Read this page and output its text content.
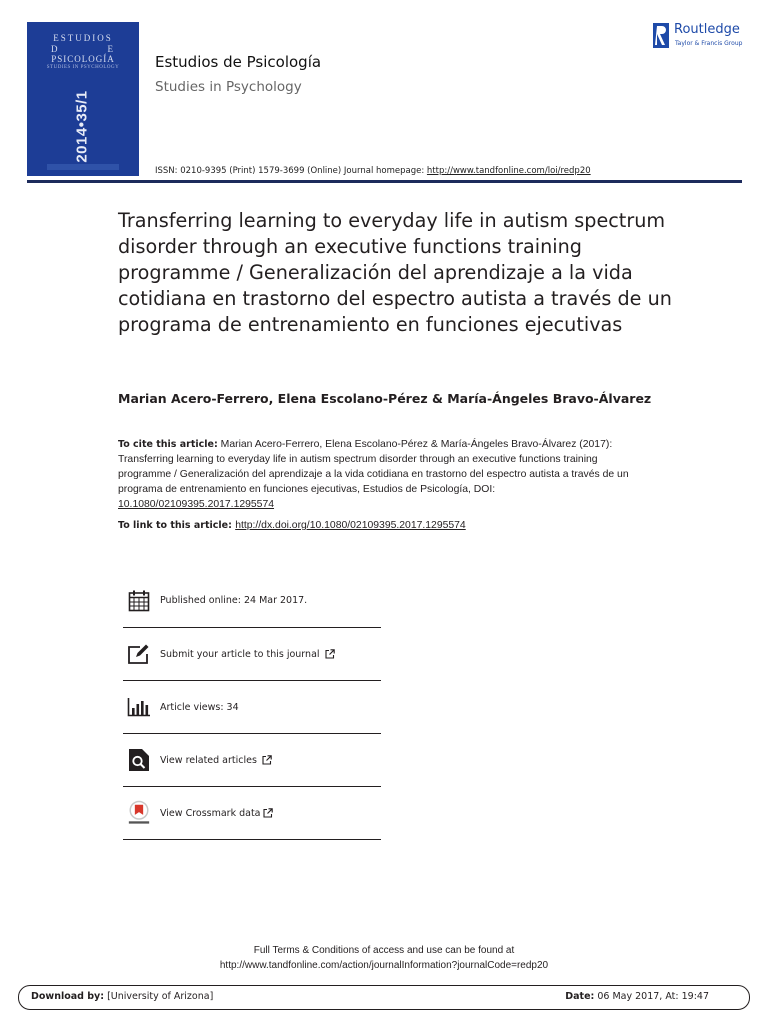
ESTUDIOS
D	E
PSICOLOGÍA
STUDIES IN PSYCHOLOGY
2014•35/1
Estudios de Psicología
Studies in Psychology
Routledge
Taylor & Francis Group
ISSN: 0210-9395 (Print) 1579-3699 (Online) Journal homepage: http://www.tandfonline.com/loi/redp20
Transferring learning to everyday life in autism spectrum disorder through an executive functions training programme / Generalización del aprendizaje a la vida cotidiana en trastorno del espectro autista a través de un programa de entrenamiento en funciones ejecutivas
Marian Acero-Ferrero, Elena Escolano-Pérez & María-Ángeles Bravo-Álvarez
To cite this article: Marian Acero-Ferrero, Elena Escolano-Pérez & María-Ángeles Bravo-Álvarez (2017): Transferring learning to everyday life in autism spectrum disorder through an executive functions training programme / Generalización del aprendizaje a la vida cotidiana en trastorno del espectro autista a través de un programa de entrenamiento en funciones ejecutivas, Estudios de Psicología, DOI: 10.1080/02109395.2017.1295574
To link to this article: http://dx.doi.org/10.1080/02109395.2017.1295574
Published online: 24 Mar 2017.
Submit your article to this journal
Article views: 34
View related articles
View Crossmark data
Full Terms & Conditions of access and use can be found at
http://www.tandfonline.com/action/journalInformation?journalCode=redp20
Download by: [University of Arizona]	Date: 06 May 2017, At: 19:47
